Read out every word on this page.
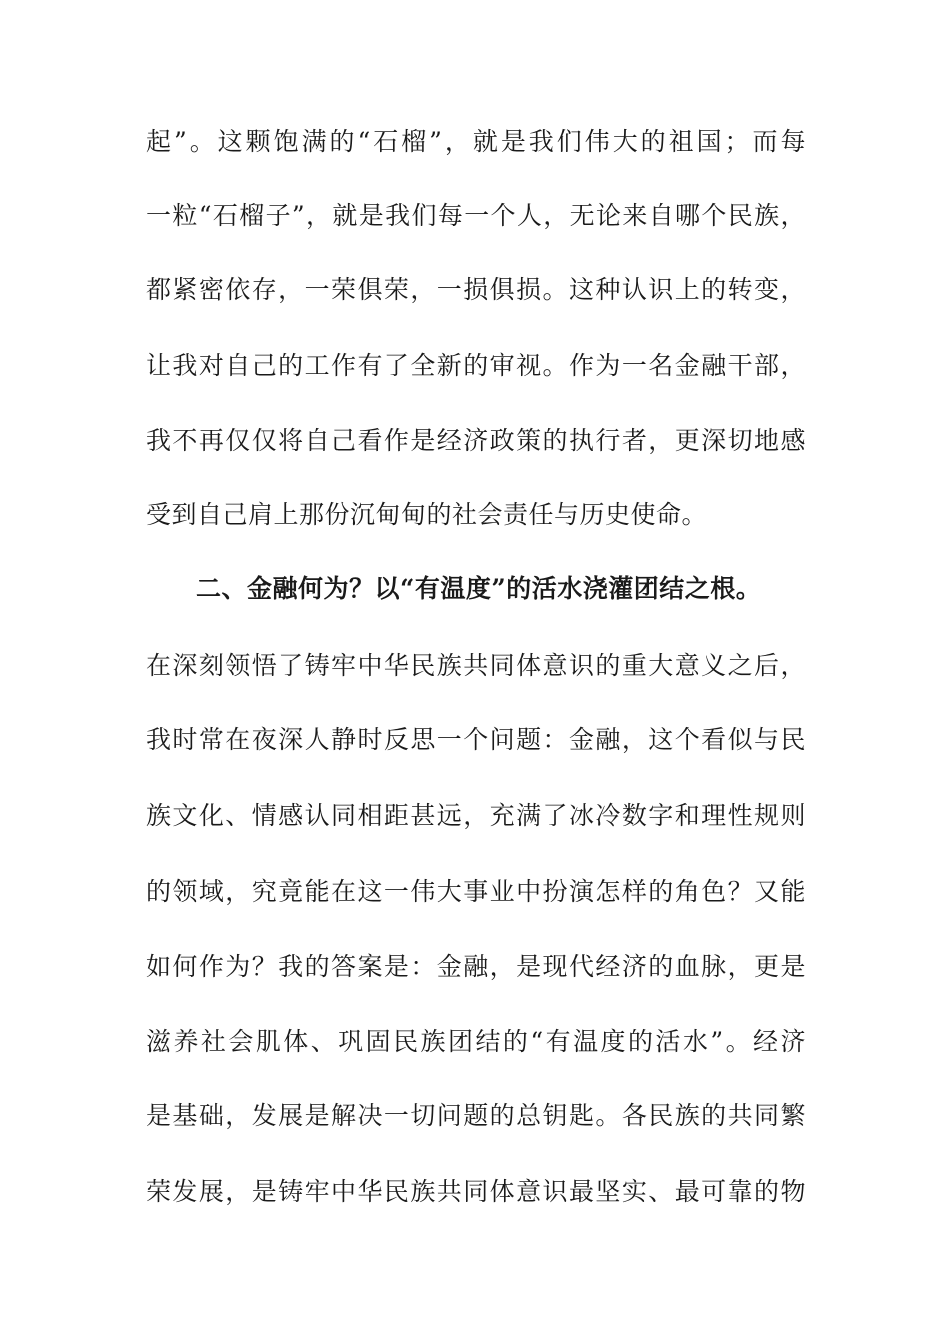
起”。这颗饱满的“石榴”，就是我们伟大的祖国；而每
一粒“石榴子”，就是我们每一个人，无论来自哪个民族，
都紧密依存，一荣俱荣，一损俱损。这种认识上的转变，
让我对自己的工作有了全新的审视。作为一名金融干部，
我不再仅仅将自己看作是经济政策的执行者，更深切地感
受到自己肩上那份沉甸甸的社会责任与历史使命。
二、金融何为？以“有温度”的活水浇灌团结之根。
在深刻领悟了铸牢中华民族共同体意识的重大意义之后，
我时常在夜深人静时反思一个问题：金融，这个看似与民
族文化、情感认同相距甚远，充满了冰冷数字和理性规则
的领域，究竟能在这一伟大事业中扮演怎样的角色？又能
如何作为？我的答案是：金融，是现代经济的血脉，更是
滋养社会肌体、巩固民族团结的“有温度的活水”。经济
是基础，发展是解决一切问题的总钥匙。各民族的共同繁
荣发展，是铸牢中华民族共同体意识最坚实、最可靠的物
